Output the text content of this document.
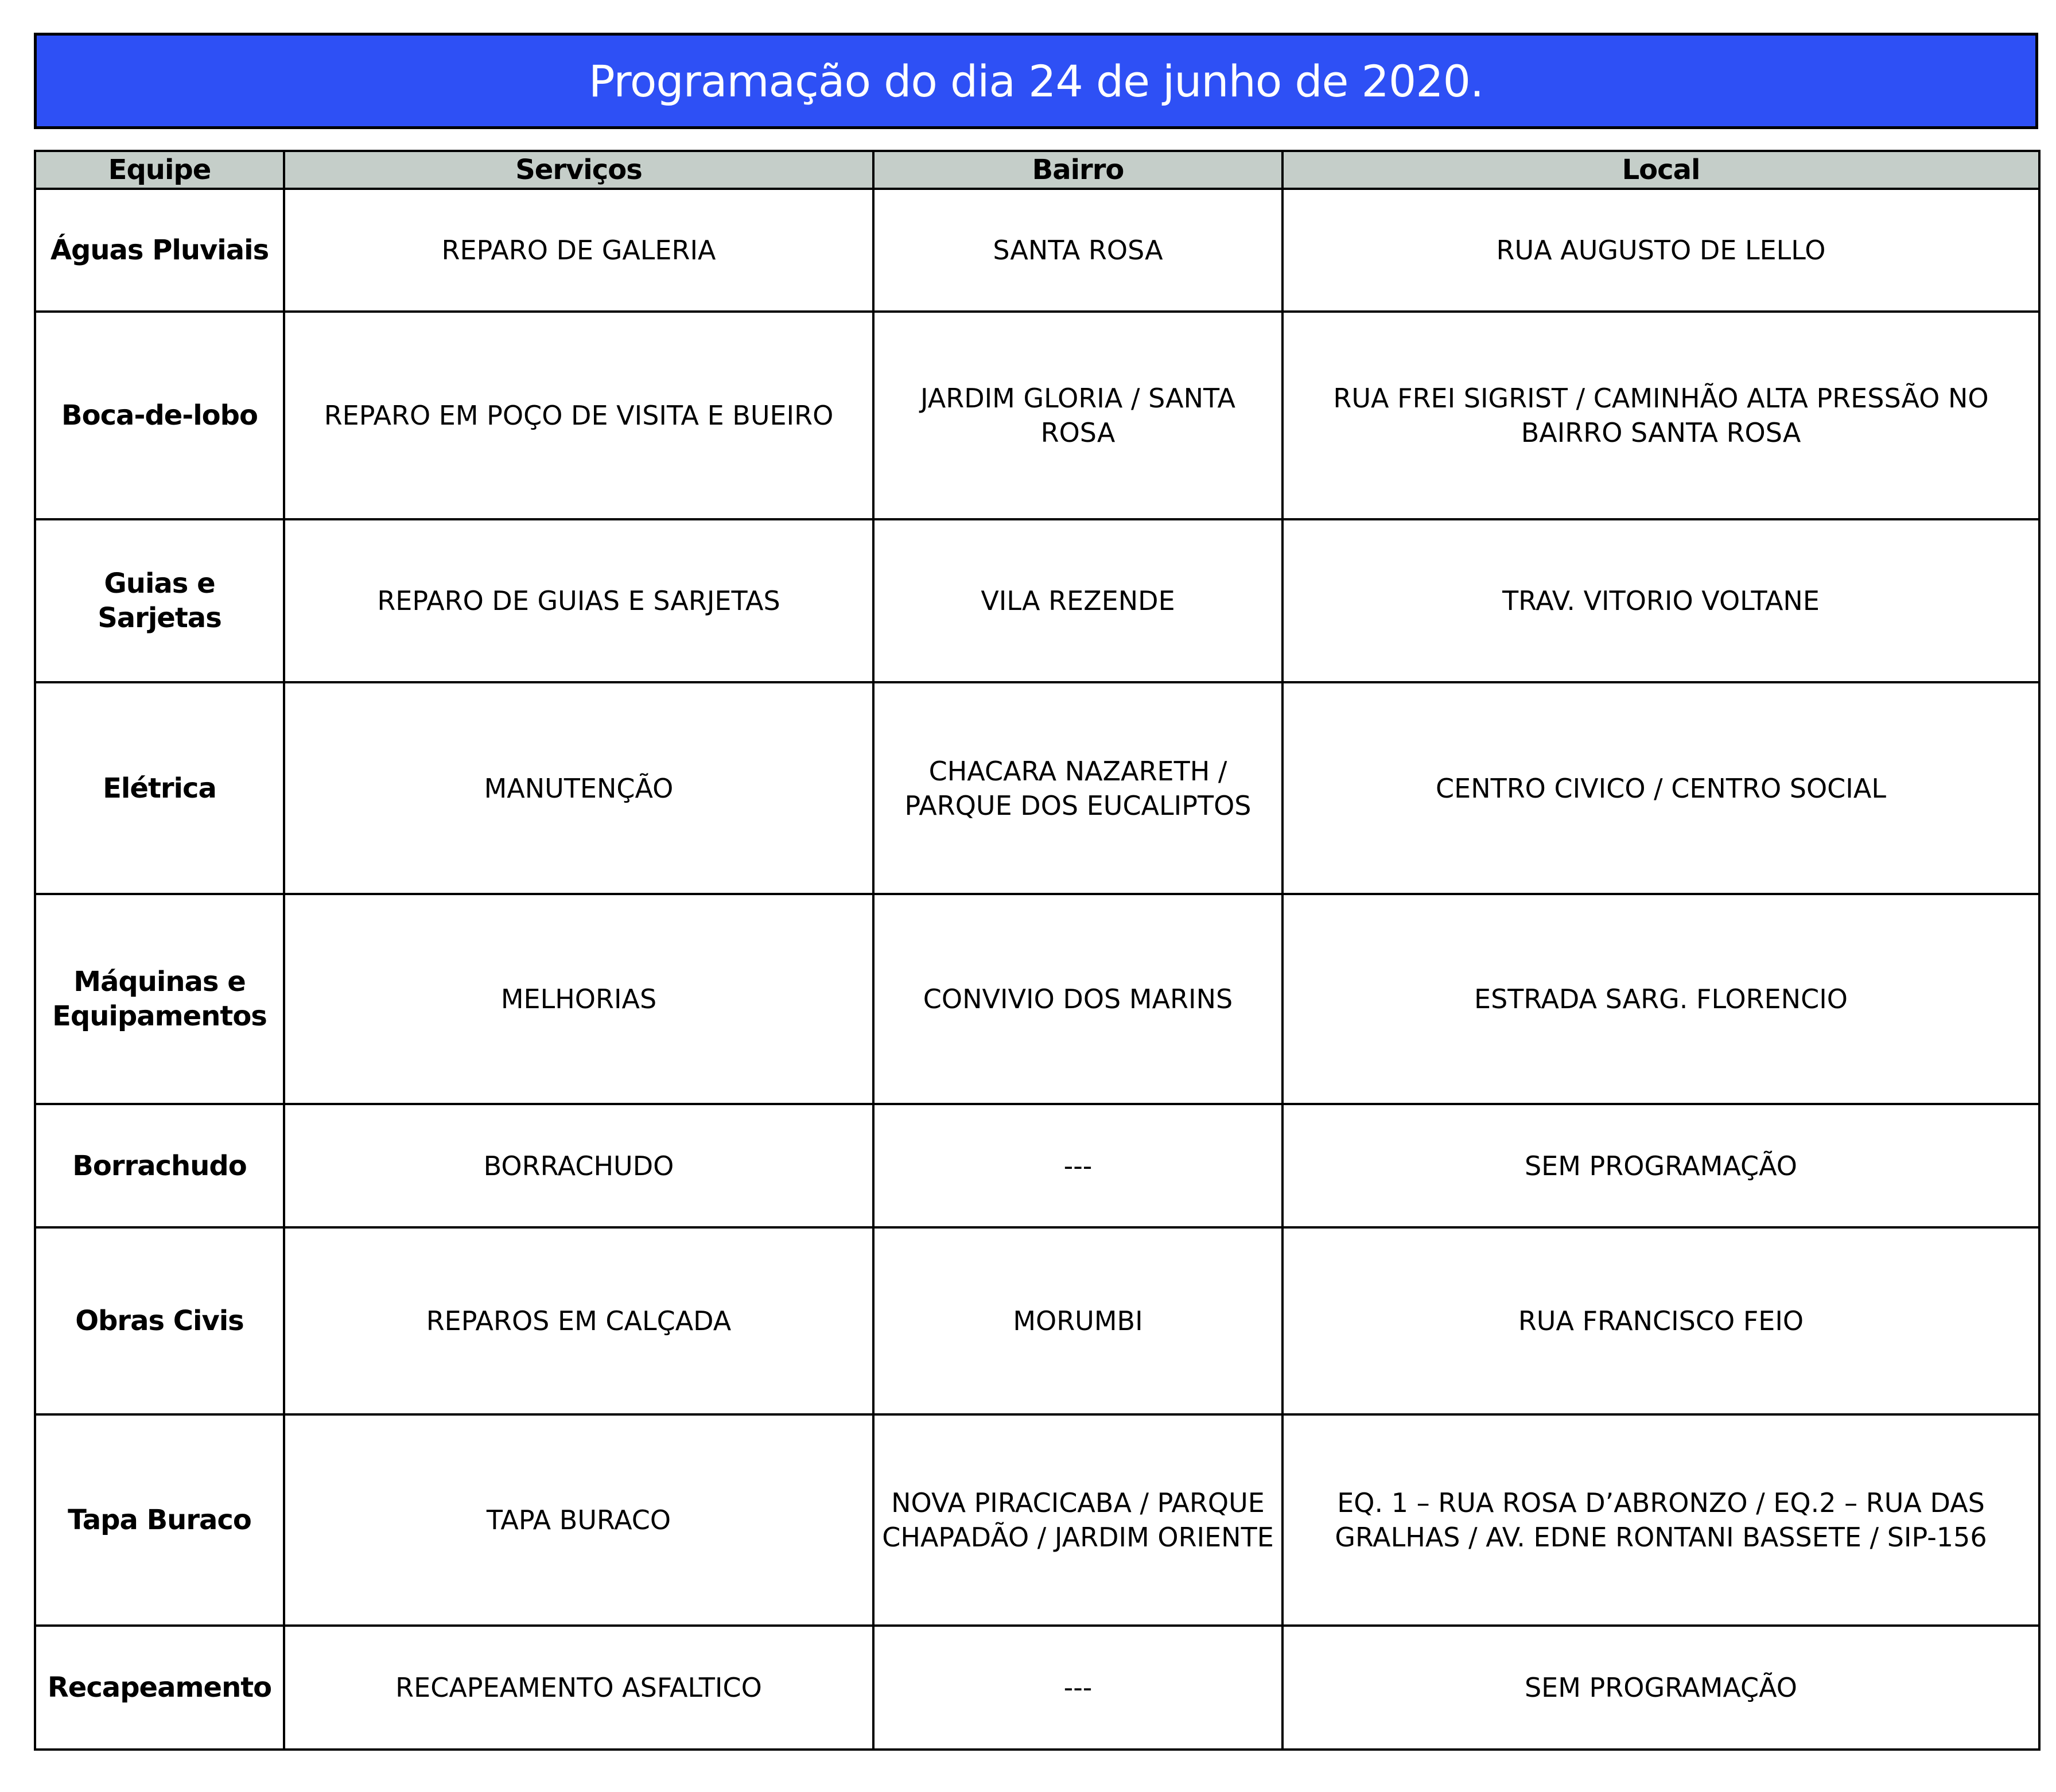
Programação do dia 24 de junho de 2020.
Equipe	Serviços	Bairro	Local
Águas Pluviais	REPARO DE GALERIA	SANTA ROSA	RUA AUGUSTO DE LELLO
Boca-de-lobo	REPARO EM POÇO DE VISITA E BUEIRO	JARDIM GLORIA / SANTA ROSA	RUA FREI SIGRIST / CAMINHÃO ALTA PRESSÃO NO BAIRRO SANTA ROSA
Guias e Sarjetas	REPARO DE GUIAS E SARJETAS	VILA REZENDE	TRAV. VITORIO VOLTANE
Elétrica	MANUTENÇÃO	CHACARA NAZARETH / PARQUE DOS EUCALIPTOS	CENTRO CIVICO / CENTRO SOCIAL
Máquinas e Equipamentos	MELHORIAS	CONVIVIO DOS MARINS	ESTRADA SARG. FLORENCIO
Borrachudo	BORRACHUDO	---	SEM PROGRAMAÇÃO
Obras Civis	REPAROS EM CALÇADA	MORUMBI	RUA FRANCISCO FEIO
Tapa Buraco	TAPA BURACO	NOVA PIRACICABA / PARQUE CHAPADÃO / JARDIM ORIENTE	EQ. 1 – RUA ROSA D’ABRONZO / EQ.2 – RUA DAS GRALHAS / AV. EDNE RONTANI BASSETE / SIP-156
Recapeamento	RECAPEAMENTO ASFALTICO	---	SEM PROGRAMAÇÃO
